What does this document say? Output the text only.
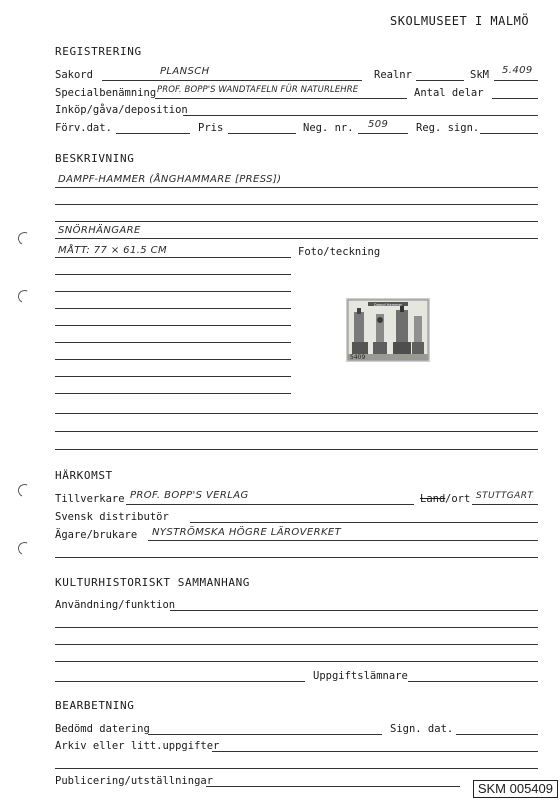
SKOLMUSEET I MALMÖ
REGISTRERING
Sakord	PLANSCH	Realnr	SkM 5.409
Specialbenämning PROF. BOPP'S WANDTAFELN FÜR NATURLEHRE	Antal delar
Inköp/gåva/deposition
Förv.dat.	Pris	Neg. nr. 509	Reg. sign.
BESKRIVNING
DAMPF-HAMMER (ÅNGHAMMARE [PRESS])
SNÖRHÄNGARE
MÅTT: 77 × 61.5 CM	Foto/teckning
Dampf-Hammer
5409
HÄRKOMST
Tillverkare PROF. BOPP'S VERLAG	Land /ort STUTTGART
Svensk distributör
Ägare/brukare NYSTRÖMSKA HÖGRE LÄROVERKET
KULTURHISTORISKT SAMMANHANG
Användning/funktion
Uppgiftslämnare
BEARBETNING
Bedömd datering	Sign. dat.
Arkiv eller litt.uppgifter
Publicering/utställningar	SKM 005409
